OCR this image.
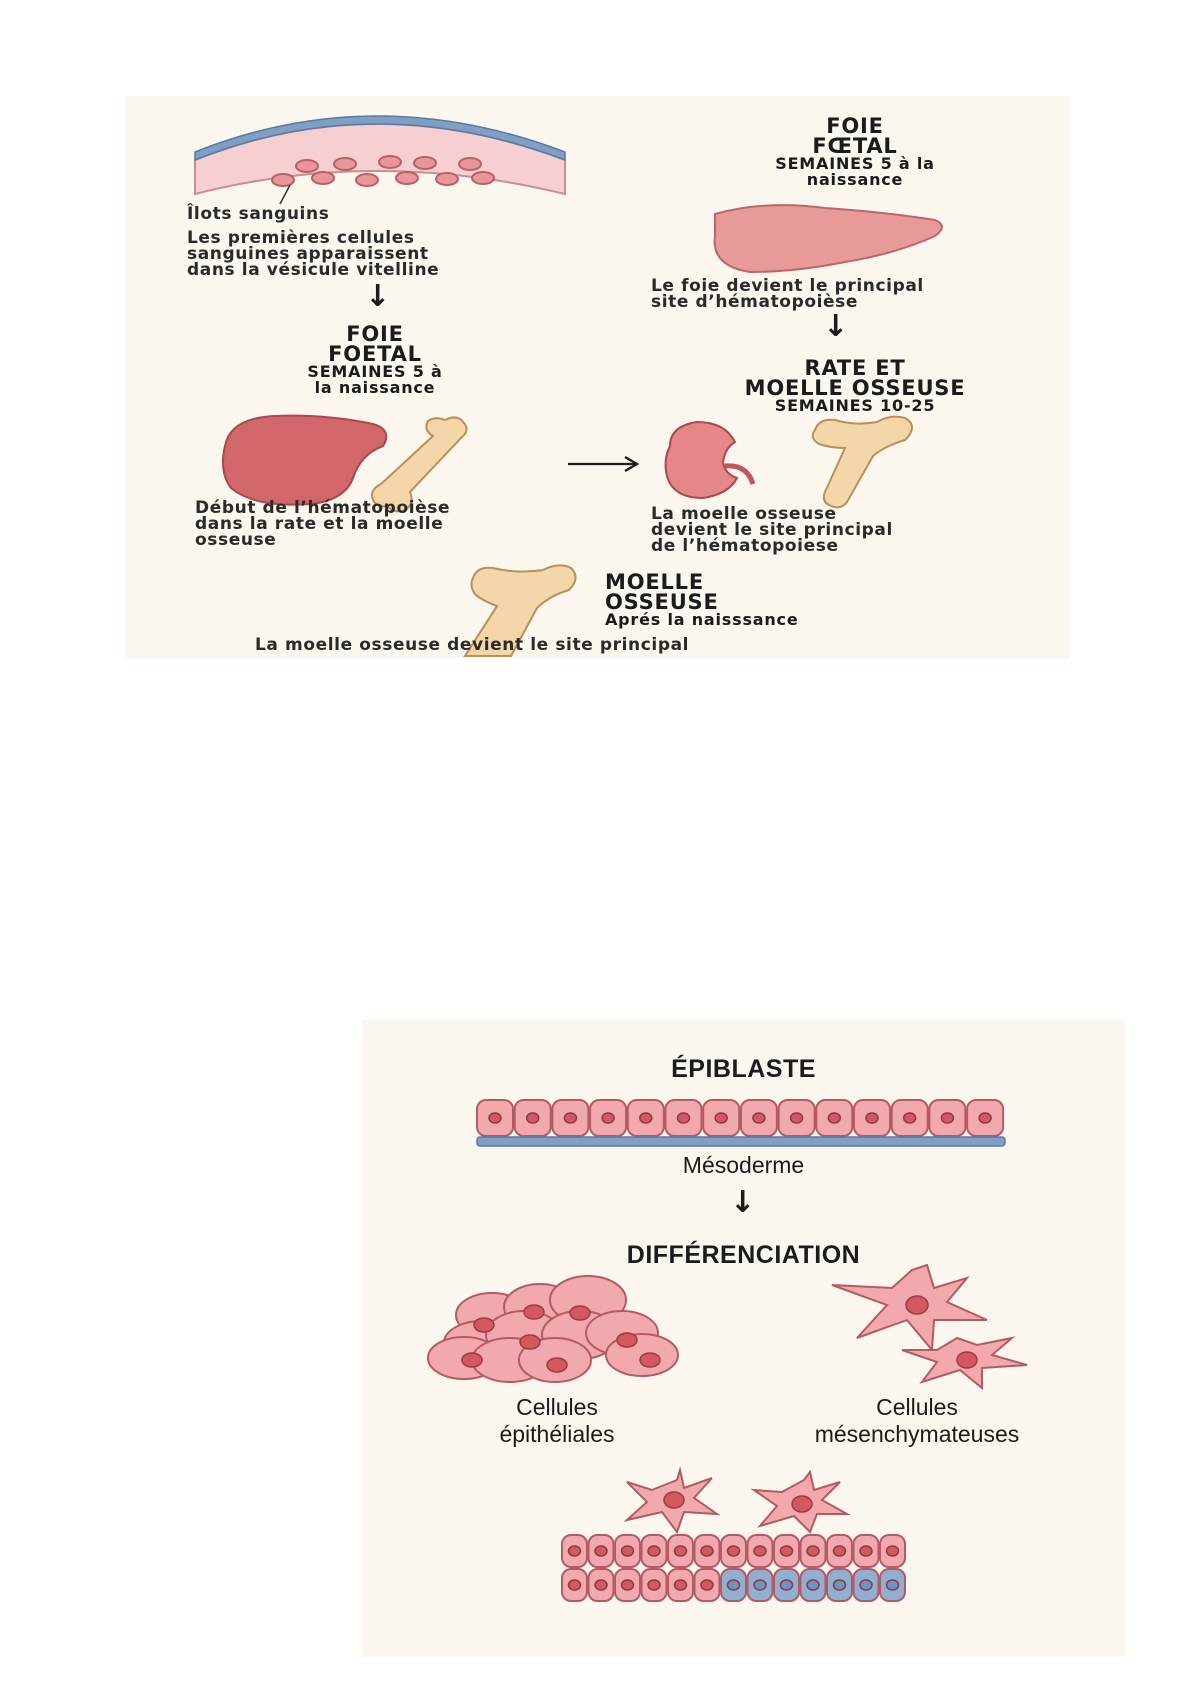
Îlots sanguins
Les premières cellules
sanguines apparaissent
dans la vésicule vitelline
↓
FOIE
FOETAL
SEMAINES 5 à
la naissance
FOIE
FŒTAL
SEMAINES 5 à la
naissance
Le foie devient le principal
site d’hématopoièse
↓
RATE ET
MOELLE OSSEUSE
SEMAINES 10-25
La moelle osseuse
devient le site principal
de l’hématopoiese
Début de l’hématopoièse
dans la rate et la moelle
osseuse
MOELLE
OSSEUSE
Aprés la naisssance
La moelle osseuse devient le site principal
ÉPIBLASTE
Mésoderme
↓
DIFFÉRENCIATION
Cellules
épithéliales
Cellules
mésenchymateuses
